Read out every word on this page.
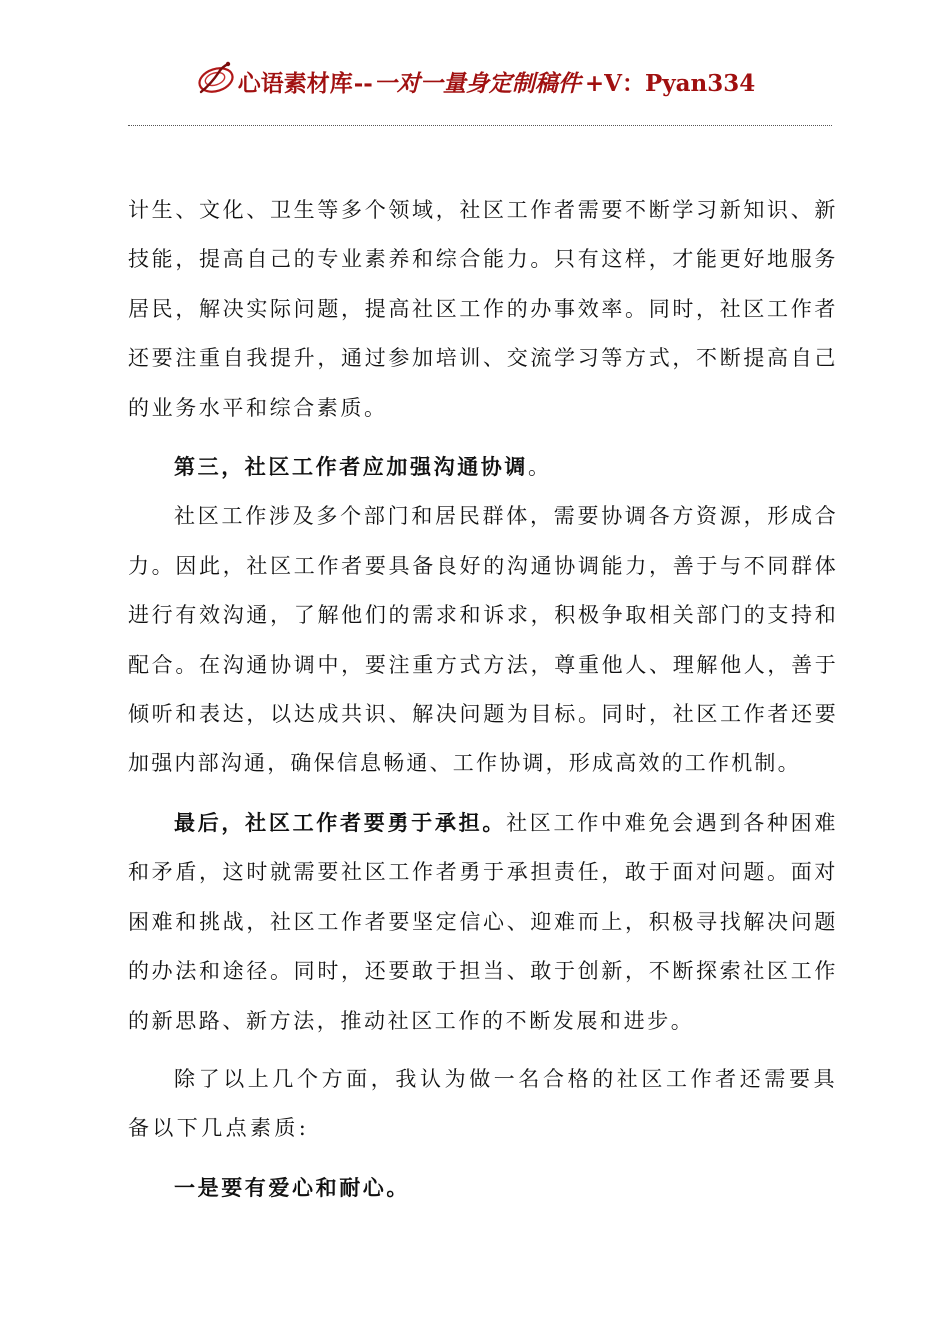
心语素材库--一对一量身定制稿件 +V：Pyan334

计生、文化、卫生等多个领域，社区工作者需要不断学习新知识、新技能，提高自己的专业素养和综合能力。只有这样，才能更好地服务居民，解决实际问题，提高社区工作的办事效率。同时，社区工作者还要注重自我提升，通过参加培训、交流学习等方式，不断提高自己的业务水平和综合素质。

第三，社区工作者应加强沟通协调。

社区工作涉及多个部门和居民群体，需要协调各方资源，形成合力。因此，社区工作者要具备良好的沟通协调能力，善于与不同群体进行有效沟通，了解他们的需求和诉求，积极争取相关部门的支持和配合。在沟通协调中，要注重方式方法，尊重他人、理解他人，善于倾听和表达，以达成共识、解决问题为目标。同时，社区工作者还要加强内部沟通，确保信息畅通、工作协调，形成高效的工作机制。

最后，社区工作者要勇于承担。社区工作中难免会遇到各种困难和矛盾，这时就需要社区工作者勇于承担责任，敢于面对问题。面对困难和挑战，社区工作者要坚定信心、迎难而上，积极寻找解决问题的办法和途径。同时，还要敢于担当、敢于创新，不断探索社区工作的新思路、新方法，推动社区工作的不断发展和进步。

除了以上几个方面，我认为做一名合格的社区工作者还需要具备以下几点素质:

一是要有爱心和耐心。
